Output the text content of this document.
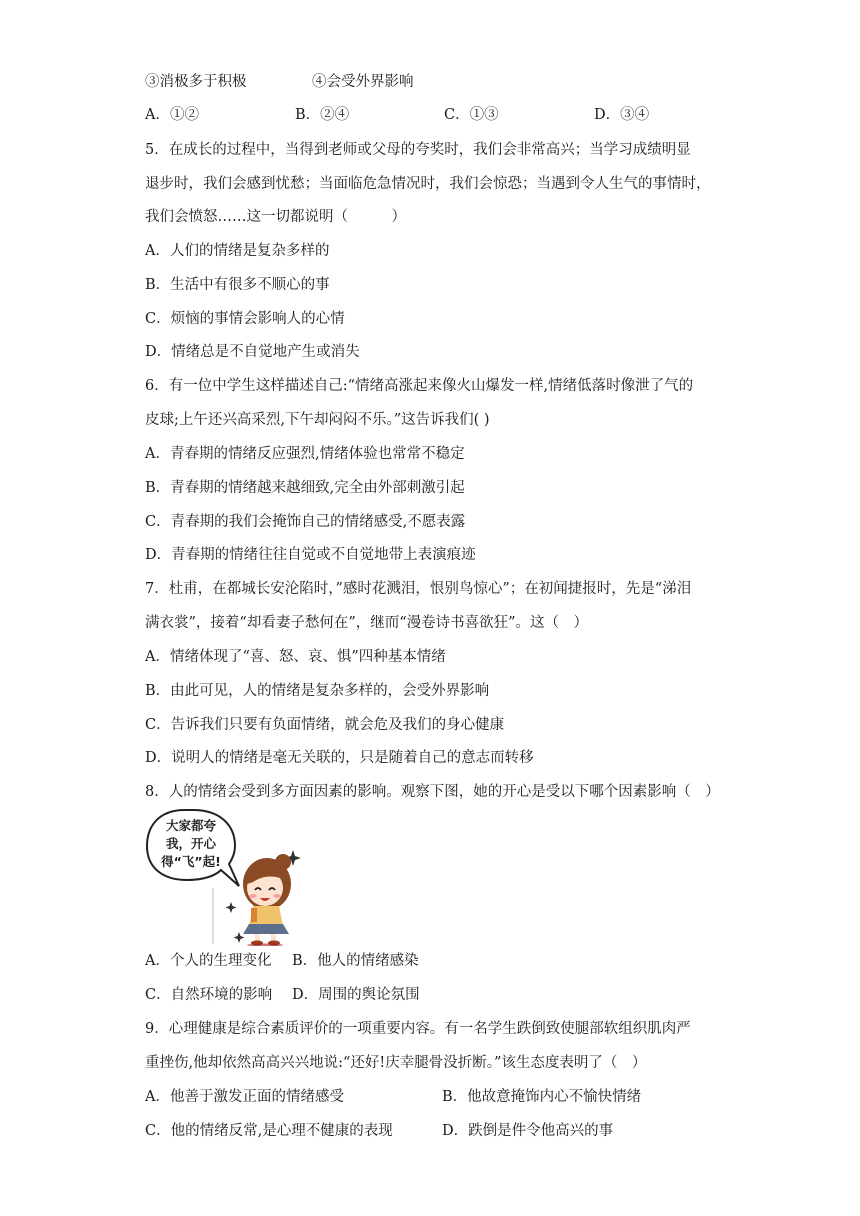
③消极多于积极	④会受外界影响
A．①②	B．②④	C．①③	D．③④
5．在成长的过程中，当得到老师或父母的夸奖时，我们会非常高兴；当学习成绩明显
退步时，我们会感到忧愁；当面临危急情况时，我们会惊恐；当遇到令人生气的事情时，
我们会愤怒……这一切都说明（　　　）
A．人们的情绪是复杂多样的
B．生活中有很多不顺心的事
C．烦恼的事情会影响人的心情
D．情绪总是不自觉地产生或消失
6．有一位中学生这样描述自己:“情绪高涨起来像火山爆发一样,情绪低落时像泄了气的
皮球;上午还兴高采烈,下午却闷闷不乐。”这告诉我们( )
A．青春期的情绪反应强烈,情绪体验也常常不稳定
B．青春期的情绪越来越细致,完全由外部刺激引起
C．青春期的我们会掩饰自己的情绪感受,不愿表露
D．青春期的情绪往往自觉或不自觉地带上表演痕迹
7．杜甫，在都城长安沦陷时，”感时花溅泪，恨别鸟惊心”；在初闻捷报时，先是“涕泪
满衣裳”，接着“却看妻子愁何在”，继而“漫卷诗书喜欲狂”。这（　）
A．情绪体现了“喜、怒、哀、惧”四种基本情绪
B．由此可见，人的情绪是复杂多样的，会受外界影响
C．告诉我们只要有负面情绪，就会危及我们的身心健康
D．说明人的情绪是毫无关联的，只是随着自己的意志而转移
8．人的情绪会受到多方面因素的影响。观察下图，她的开心是受以下哪个因素影响（　）
大家都夸
我，开心
得“飞”起!
A．个人的生理变化 B．他人的情绪感染
C．自然环境的影响 D．周围的舆论氛围
9．心理健康是综合素质评价的一项重要内容。有一名学生跌倒致使腿部软组织肌肉严
重挫伤,他却依然高高兴兴地说:“还好!庆幸腿骨没折断。”该生态度表明了（　）
A．他善于激发正面的情绪感受	B．他故意掩饰内心不愉快情绪
C．他的情绪反常,是心理不健康的表现	D．跌倒是件令他高兴的事
